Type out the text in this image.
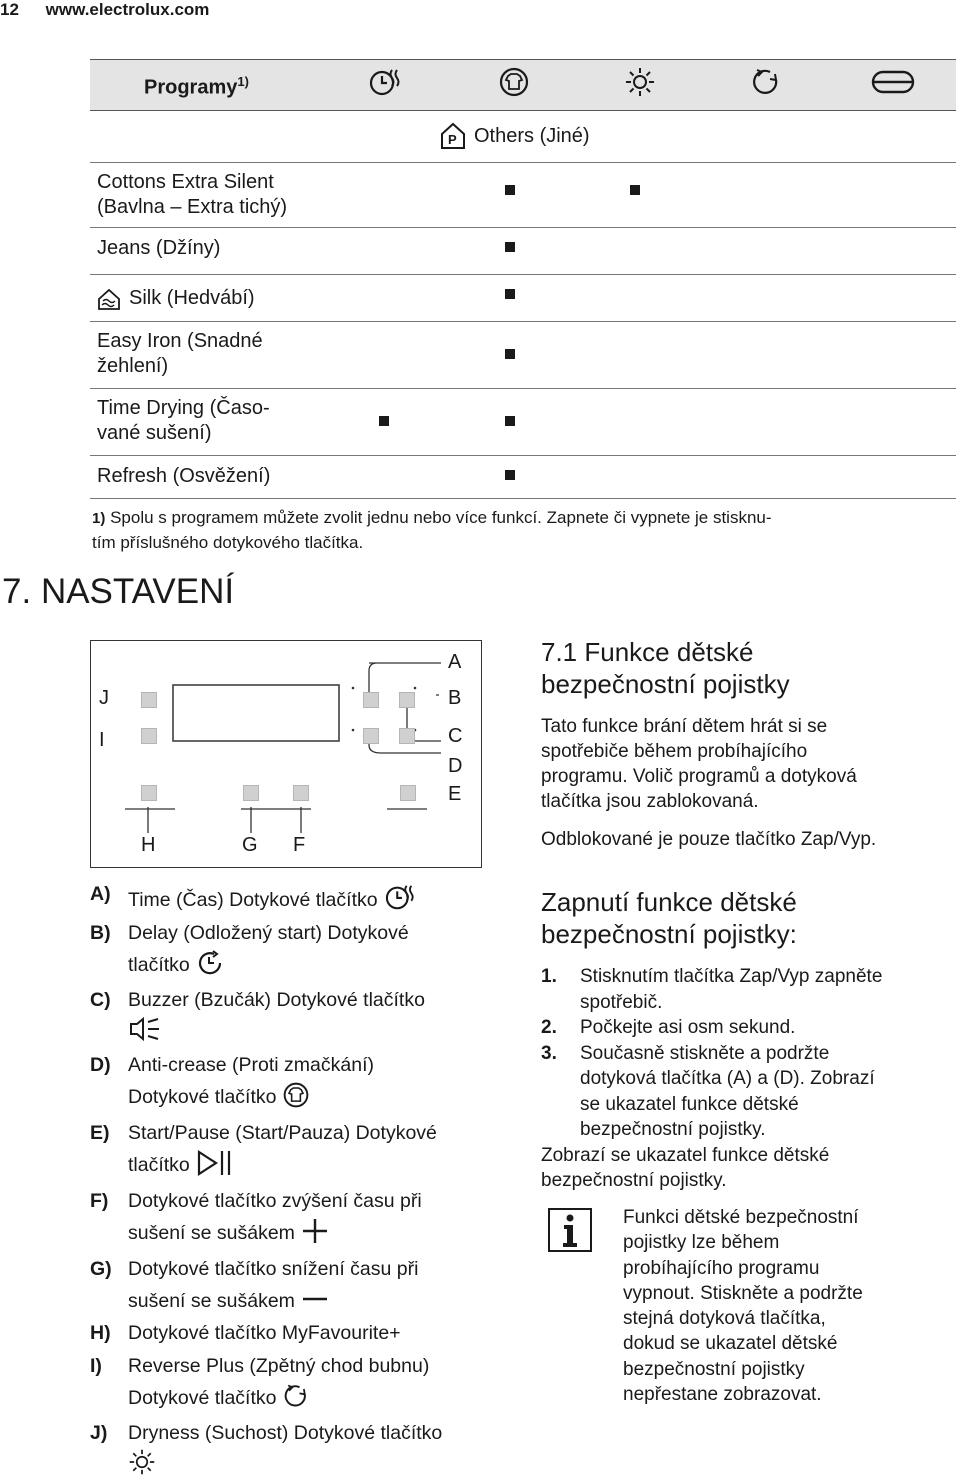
12 www.electrolux.com
Programy$^{1)}$
P Others (Jiné)
Cottons Extra Silent
(Bavlna – Extra tichý)
Jeans (Džíny)
Silk (Hedvábí)
Easy Iron (Snadné
žehlení)
Time Drying (Časo-
vané sušení)
Refresh (Osvěžení)
1) Spolu s programem můžete zvolit jednu nebo více funkcí. Zapnete či vypnete je stisknu-
tím příslušného dotykového tlačítka.
7. NASTAVENÍ
J
I
A
B
C
D
E
H	G F
A) Time (Čas) Dotykové tlačítko
B) Delay (Odložený start) Dotykové
tlačítko
C) Buzzer (Bzučák) Dotykové tlačítko

D) Anti-crease (Proti zmačkání)
Dotykové tlačítko
E) Start/Pause (Start/Pauza) Dotykové
tlačítko
F) Dotykové tlačítko zvýšení času při
sušení se sušákem
G) Dotykové tlačítko snížení času při
sušení se sušákem
H) Dotykové tlačítko MyFavourite+
I) Reverse Plus (Zpětný chod bubnu)
Dotykové tlačítko
J) Dryness (Suchost) Dotykové tlačítko

7.1 Funkce dětské
bezpečnostní pojistky
Tato funkce brání dětem hrát si se
spotřebiče během probíhajícího
programu. Volič programů a dotyková
tlačítka jsou zablokovaná.
Odblokované je pouze tlačítko Zap/Vyp.
Zapnutí funkce dětské
bezpečnostní pojistky:
1. Stisknutím tlačítka Zap/Vyp zapněte
spotřebič.
2. Počkejte asi osm sekund.
3. Současně stiskněte a podržte
dotyková tlačítka (A) a (D). Zobrazí
se ukazatel funkce dětské
bezpečnostní pojistky.
Zobrazí se ukazatel funkce dětské
bezpečnostní pojistky.
Funkci dětské bezpečnostní
pojistky lze během
probíhajícího programu
vypnout. Stiskněte a podržte
stejná dotyková tlačítka,
dokud se ukazatel dětské
bezpečnostní pojistky
nepřestane zobrazovat.
